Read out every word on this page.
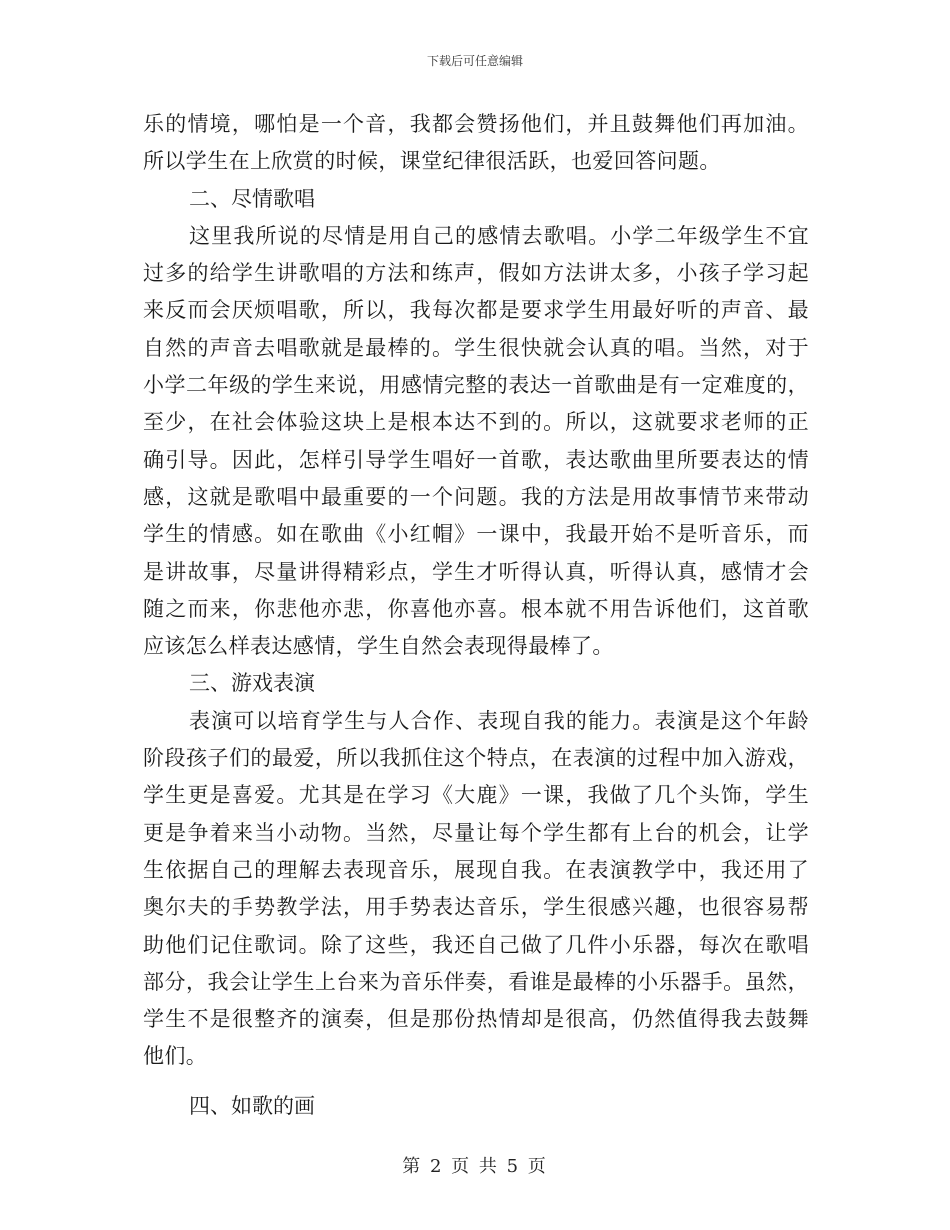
下载后可任意编辑
乐的情境，哪怕是一个音，我都会赞扬他们，并且鼓舞他们再加油。
所以学生在上欣赏的时候，课堂纪律很活跃，也爱回答问题。
二、尽情歌唱
这里我所说的尽情是用自己的感情去歌唱。小学二年级学生不宜
过多的给学生讲歌唱的方法和练声，假如方法讲太多，小孩子学习起
来反而会厌烦唱歌，所以，我每次都是要求学生用最好听的声音、最
自然的声音去唱歌就是最棒的。学生很快就会认真的唱。当然，对于
小学二年级的学生来说，用感情完整的表达一首歌曲是有一定难度的，
至少，在社会体验这块上是根本达不到的。所以，这就要求老师的正
确引导。因此，怎样引导学生唱好一首歌，表达歌曲里所要表达的情
感，这就是歌唱中最重要的一个问题。我的方法是用故事情节来带动
学生的情感。如在歌曲《小红帽》一课中，我最开始不是听音乐，而
是讲故事，尽量讲得精彩点，学生才听得认真，听得认真，感情才会
随之而来，你悲他亦悲，你喜他亦喜。根本就不用告诉他们，这首歌
应该怎么样表达感情，学生自然会表现得最棒了。
三、游戏表演
表演可以培育学生与人合作、表现自我的能力。表演是这个年龄
阶段孩子们的最爱，所以我抓住这个特点，在表演的过程中加入游戏，
学生更是喜爱。尤其是在学习《大鹿》一课，我做了几个头饰，学生
更是争着来当小动物。当然，尽量让每个学生都有上台的机会，让学
生依据自己的理解去表现音乐，展现自我。在表演教学中，我还用了
奥尔夫的手势教学法，用手势表达音乐，学生很感兴趣，也很容易帮
助他们记住歌词。除了这些，我还自己做了几件小乐器，每次在歌唱
部分，我会让学生上台来为音乐伴奏，看谁是最棒的小乐器手。虽然，
学生不是很整齐的演奏，但是那份热情却是很高，仍然值得我去鼓舞
他们。
四、如歌的画
第 2 页 共 5 页
